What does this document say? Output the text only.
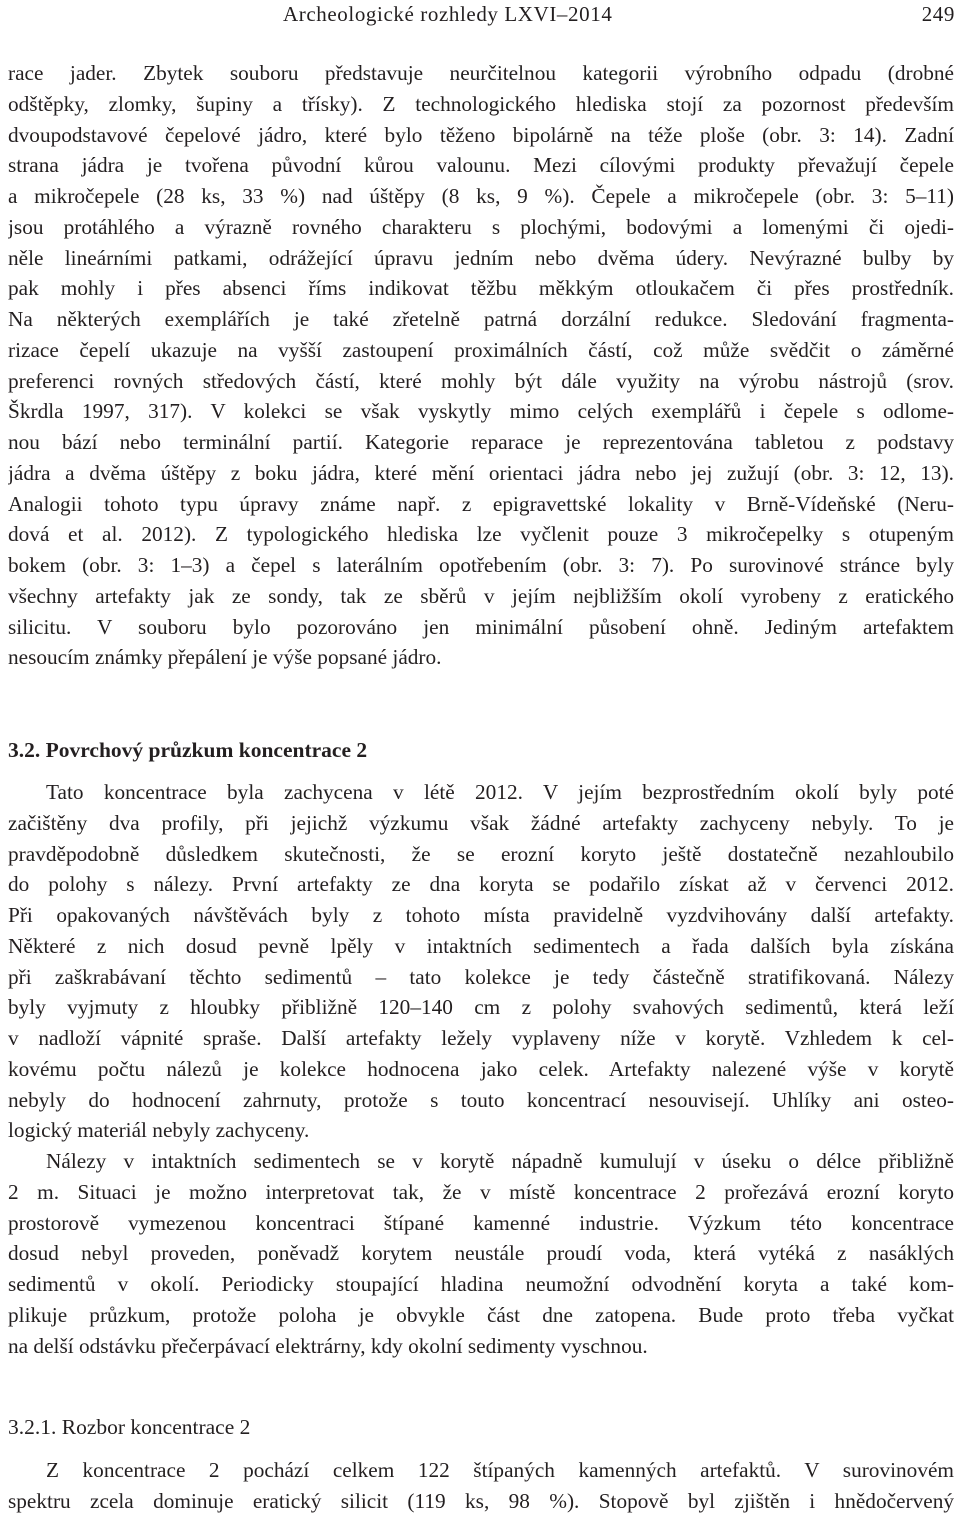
Archeologické rozhledy LXVI–2014	249
race jader. Zbytek souboru představuje neurčitelnou kategorii výrobního odpadu (drobné
odštěpky, zlomky, šupiny a třísky). Z technologického hlediska stojí za pozornost především
dvoupodstavové čepelové jádro, které bylo těženo bipolárně na téže ploše (obr. 3: 14). Zadní
strana jádra je tvořena původní kůrou valounu. Mezi cílovými produkty převažují čepele
a mikročepele (28 ks, 33 %) nad úštěpy (8 ks, 9 %). Čepele a mikročepele (obr. 3: 5–11)
jsou protáhlého a výrazně rovného charakteru s plochými, bodovými a lomenými či ojedi-
něle lineárními patkami, odrážející úpravu jedním nebo dvěma údery. Nevýrazné bulby by
pak mohly i přes absenci říms indikovat těžbu měkkým otloukačem či přes prostředník.
Na některých exemplářích je také zřetelně patrná dorzální redukce. Sledování fragmenta-
rizace čepelí ukazuje na vyšší zastoupení proximálních částí, což může svědčit o záměrné
preferenci rovných středových částí, které mohly být dále využity na výrobu nástrojů (srov.
Škrdla 1997, 317). V kolekci se však vyskytly mimo celých exemplářů i čepele s odlome-
nou bází nebo terminální partií. Kategorie reparace je reprezentována tabletou z podstavy
jádra a dvěma úštěpy z boku jádra, které mění orientaci jádra nebo jej zužují (obr. 3: 12, 13).
Analogii tohoto typu úpravy známe např. z epigravettské lokality v Brně-Vídeňské (Neru-
dová et al. 2012). Z typologického hlediska lze vyčlenit pouze 3 mikročepelky s otupeným
bokem (obr. 3: 1–3) a čepel s laterálním opotřebením (obr. 3: 7). Po surovinové stránce byly
všechny artefakty jak ze sondy, tak ze sběrů v jejím nejbližším okolí vyrobeny z eratického
silicitu. V souboru bylo pozorováno jen minimální působení ohně. Jediným artefaktem
nesoucím známky přepálení je výše popsané jádro.
3.2. Povrchový průzkum koncentrace 2
Tato koncentrace byla zachycena v létě 2012. V jejím bezprostředním okolí byly poté
začištěny dva profily, při jejichž výzkumu však žádné artefakty zachyceny nebyly. To je
pravděpodobně důsledkem skutečnosti, že se erozní koryto ještě dostatečně nezahloubilo
do polohy s nálezy. První artefakty ze dna koryta se podařilo získat až v červenci 2012.
Při opakovaných návštěvách byly z tohoto místa pravidelně vyzdvihovány další artefakty.
Některé z nich dosud pevně lpěly v intaktních sedimentech a řada dalších byla získána
při zaškrabávaní těchto sedimentů – tato kolekce je tedy částečně stratifikovaná. Nálezy
byly vyjmuty z hloubky přibližně 120–140 cm z polohy svahových sedimentů, která leží
v nadloží vápnité spraše. Další artefakty ležely vyplaveny níže v korytě. Vzhledem k cel-
kovému počtu nálezů je kolekce hodnocena jako celek. Artefakty nalezené výše v korytě
nebyly do hodnocení zahrnuty, protože s touto koncentrací nesouvisejí. Uhlíky ani osteo-
logický materiál nebyly zachyceny.
Nálezy v intaktních sedimentech se v korytě nápadně kumulují v úseku o délce přibližně
2 m. Situaci je možno interpretovat tak, že v místě koncentrace 2 prořezává erozní koryto
prostorově vymezenou koncentraci štípané kamenné industrie. Výzkum této koncentrace
dosud nebyl proveden, poněvadž korytem neustále proudí voda, která vytéká z nasáklých
sedimentů v okolí. Periodicky stoupající hladina neumožní odvodnění koryta a také kom-
plikuje průzkum, protože poloha je obvykle část dne zatopena. Bude proto třeba vyčkat
na delší odstávku přečerpávací elektrárny, kdy okolní sedimenty vyschnou.
3.2.1. Rozbor koncentrace 2
Z koncentrace 2 pochází celkem 122 štípaných kamenných artefaktů. V surovinovém
spektru zcela dominuje eratický silicit (119 ks, 98 %). Stopově byl zjištěn i hnědočervený
